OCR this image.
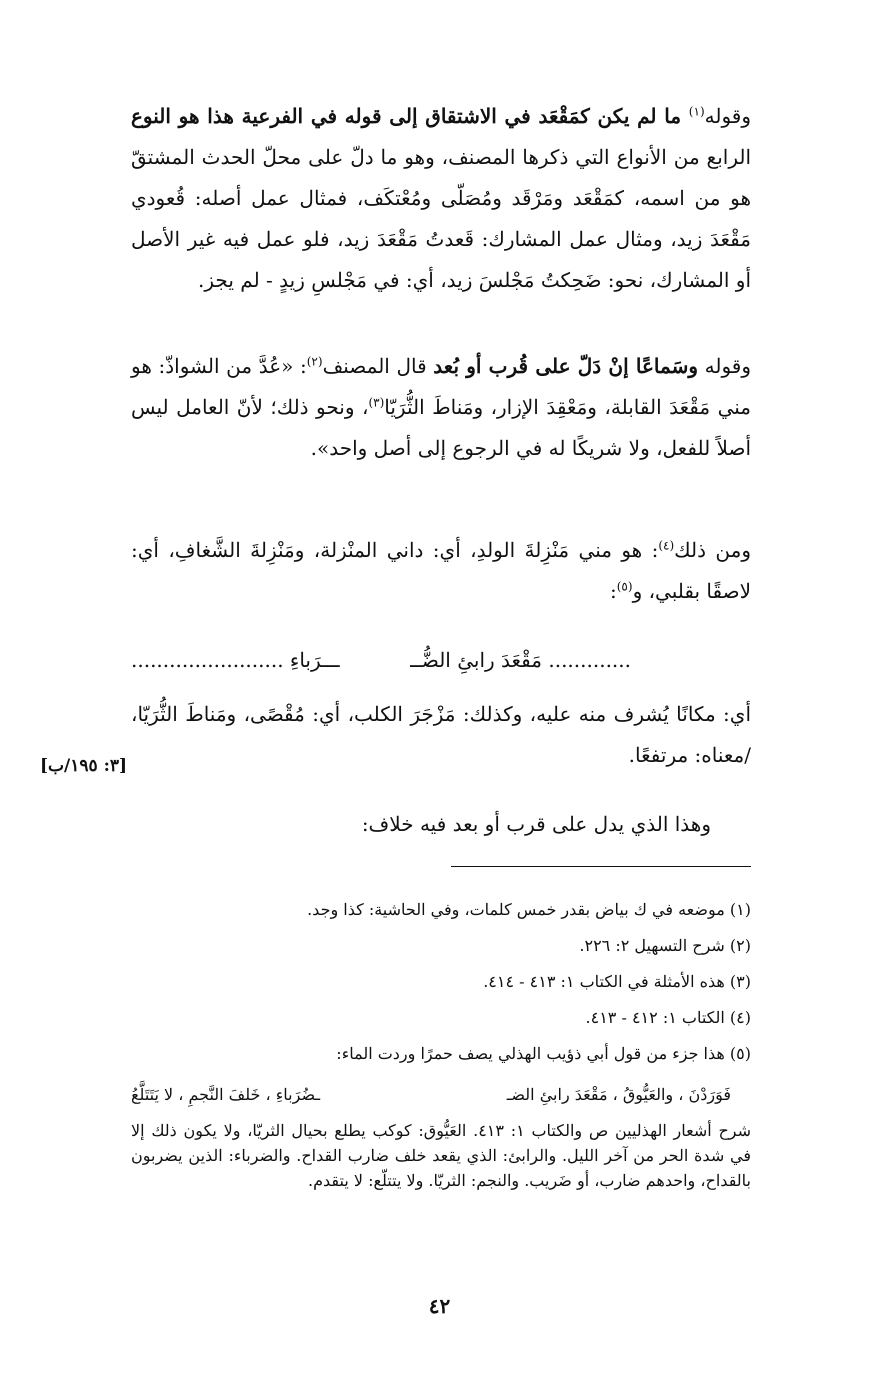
وقوله$^{(١)}$ ما لم يكن كمَقْعَد في الاشتقاق إلى قوله في الفرعية هذا هو النوع الرابع من الأنواع التي ذكرها المصنف، وهو ما دلّ على محلّ الحدث المشتقّ هو من اسمه، كمَقْعَد ومَرْقَد ومُصَلّى ومُعْتكَف، فمثال عمل أصله: قُعودي مَقْعَدَ زيد، ومثال عمل المشارك: قَعدتُ مَقْعَدَ زيد، فلو عمل فيه غير الأصل أو المشارك، نحو: ضَحِكتُ مَجْلسَ زيد، أي: في مَجْلسِ زيدٍ - لم يجز.

وقوله وسَماعًا إنْ دَلّ على قُرب أو بُعد قال المصنف$^{(٢)}$: «عُدَّ من الشواذّ: هو مني مَقْعَدَ القابلة، ومَعْقِدَ الإزار، ومَناطَ الثُّرَيّا$^{(٣)}$، ونحو ذلك؛ لأنّ العامل ليس أصلاً للفعل، ولا شريكًا له في الرجوع إلى أصل واحد».

ومن ذلك$^{(٤)}$: هو مني مَنْزِلةَ الولدِ، أي: داني المنْزلة، ومَنْزِلةَ الشَّغافِ، أي: لاصقًا بقلبي، و$^{(٥)}$:

............. مَقْعَدَ رابئِ الضُّــ
ـــرَباءِ ........................

أي: مكانًا يُشرف منه عليه، وكذلك: مَزْجَرَ الكلب، أي: مُقْصًى، ومَناطَ الثُّرَيّا، /معناه: مرتفعًا.

[٣: ١٩٥/ب]

وهذا الذي يدل على قرب أو بعد فيه خلاف:

(١) موضعه في ك بياض بقدر خمس كلمات، وفي الحاشية: كذا وجد.

(٢) شرح التسهيل ٢: ٢٢٦.

(٣) هذه الأمثلة في الكتاب ١: ٤١٣ - ٤١٤.

(٤) الكتاب ١: ٤١٢ - ٤١٣.

(٥) هذا جزء من قول أبي ذؤيب الهذلي يصف حمرًا وردت الماء:

فَوَرَدْنَ ، والعَيُّوقُ ، مَقْعَدَ رابئِ الضـ
ـضُرَباءِ ، خَلفَ النَّجمِ ، لا يَتَتَلَّعُ

شرح أشعار الهذليين ص والكتاب ١: ٤١٣. العَيُّوق: كوكب يطلع بحيال الثريّا، ولا يكون ذلك إلا في شدة الحر من آخر الليل. والرابئ: الذي يقعد خلف ضارب القداح. والضرباء: الذين يضربون بالقداح، واحدهم ضارب، أو ضَريب. والنجم: الثريّا. ولا يتتلّع: لا يتقدم.

٤٢
